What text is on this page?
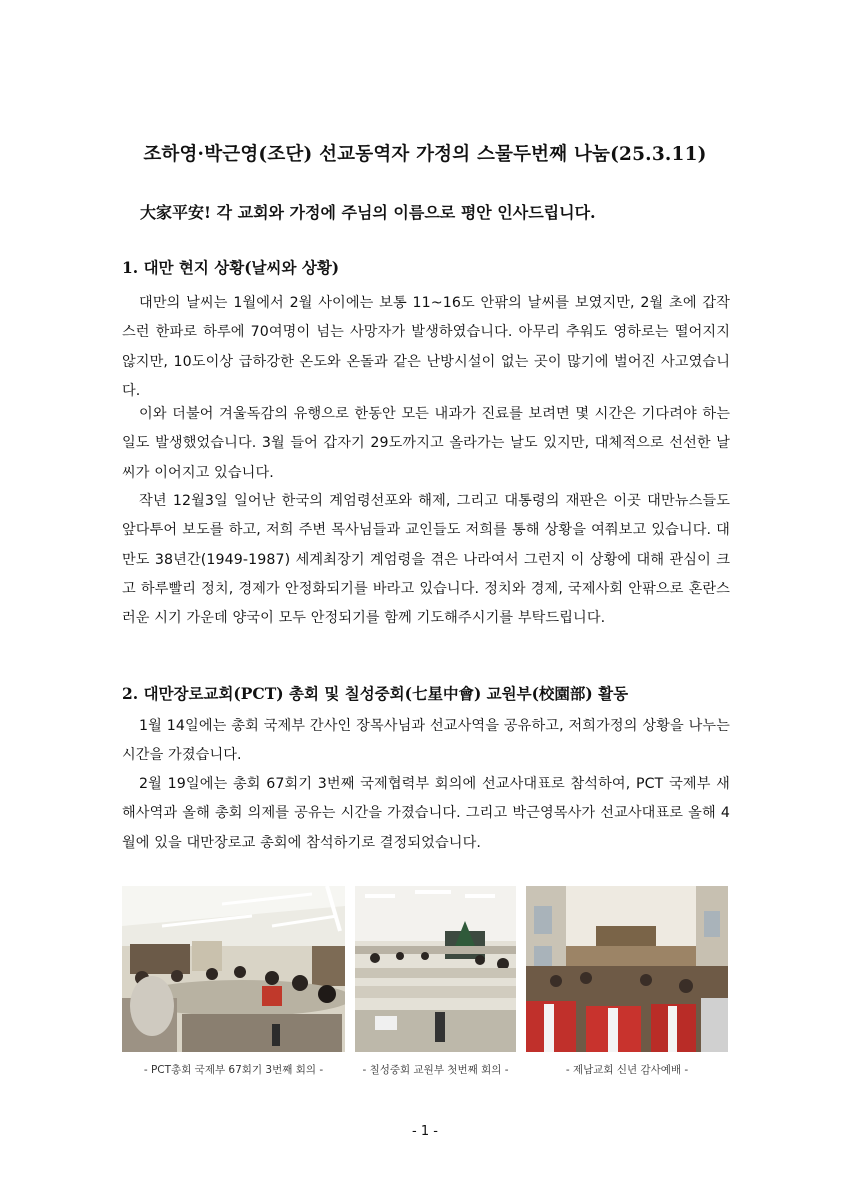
조하영·박근영(조단) 선교동역자 가정의 스물두번째 나눔(25.3.11)
大家平安! 각 교회와 가정에 주님의 이름으로 평안 인사드립니다.
1. 대만 현지 상황(날씨와 상황)
대만의 날씨는 1월에서 2월 사이에는 보통 11~16도 안팎의 날씨를 보였지만, 2월 초에 갑작스런 한파로 하루에 70여명이 넘는 사망자가 발생하였습니다. 아무리 추워도 영하로는 떨어지지 않지만, 10도이상 급하강한 온도와 온돌과 같은 난방시설이 없는 곳이 많기에 벌어진 사고였습니다.
이와 더불어 겨울독감의 유행으로 한동안 모든 내과가 진료를 보려면 몇 시간은 기다려야 하는 일도 발생했었습니다. 3월 들어 갑자기 29도까지고 올라가는 날도 있지만, 대체적으로 선선한 날씨가 이어지고 있습니다.
작년 12월3일 일어난 한국의 계엄령선포와 해제, 그리고 대통령의 재판은 이곳 대만뉴스들도 앞다투어 보도를 하고, 저희 주변 목사님들과 교인들도 저희를 통해 상황을 여쭤보고 있습니다. 대만도 38년간(1949-1987) 세계최장기 계엄령을 겪은 나라여서 그런지 이 상황에 대해 관심이 크고 하루빨리 정치, 경제가 안정화되기를 바라고 있습니다. 정치와 경제, 국제사회 안팎으로 혼란스러운 시기 가운데 양국이 모두 안정되기를 함께 기도해주시기를 부탁드립니다.
2. 대만장로교회(PCT) 총회 및 칠성중회(七星中會) 교원부(校園部) 활동
1월 14일에는 총회 국제부 간사인 장목사님과 선교사역을 공유하고, 저희가정의 상황을 나누는 시간을 가졌습니다.
2월 19일에는 총회 67회기 3번째 국제협력부 회의에 선교사대표로 참석하여, PCT 국제부 새해사역과 올해 총회 의제를 공유는 시간을 가졌습니다. 그리고 박근영목사가 선교사대표로 올해 4월에 있을 대만장로교 총회에 참석하기로 결정되었습니다.
- PCT총회 국제부 67회기 3번째 회의 -	- 칠성중회 교원부 첫번째 회의 -	- 제남교회 신년 감사예배 -
- 1 -
